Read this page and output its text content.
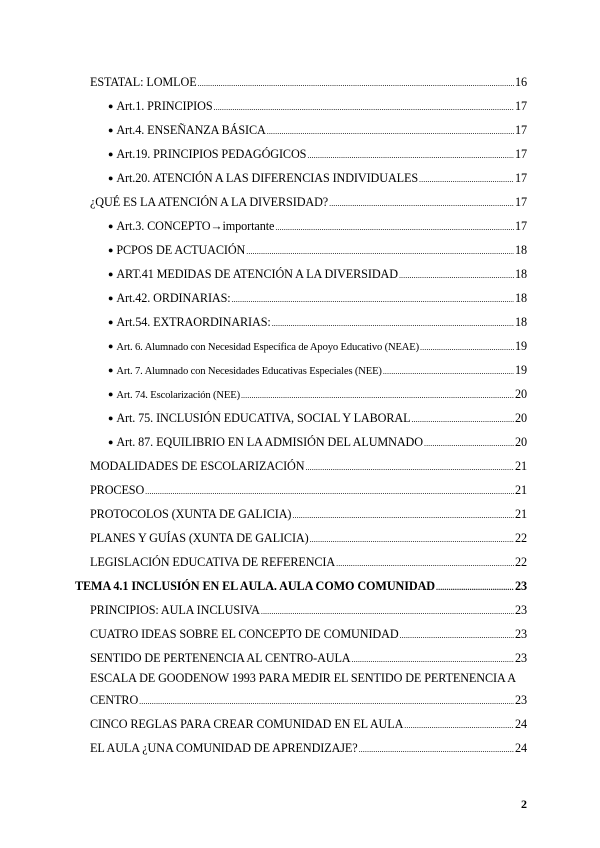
ESTATAL: LOMLOE .....	16
● Art.1. PRINCIPIOS .....	17
● Art.4. ENSEÑANZA BÁSICA .....	17
● Art.19. PRINCIPIOS PEDAGÓGICOS .....	17
● Art.20. ATENCIÓN A LAS DIFERENCIAS INDIVIDUALES .....	17
¿QUÉ ES LA ATENCIÓN A LA DIVERSIDAD? .....	17
● Art.3. CONCEPTO→importante .....	17
● PCPOS DE ACTUACIÓN .....	18
● ART.41 MEDIDAS DE ATENCIÓN A LA DIVERSIDAD .....	18
● Art.42. ORDINARIAS: .....	18
● Art.54. EXTRAORDINARIAS: .....	18
● Art. 6. Alumnado con Necesidad Específica de Apoyo Educativo (NEAE) .....	19
● Art. 7. Alumnado con Necesidades Educativas Especiales (NEE) .....	19
● Art. 74. Escolarización (NEE) .....	20
● Art. 75. INCLUSIÓN EDUCATIVA, SOCIAL Y LABORAL .....	20
● Art. 87. EQUILIBRIO EN LA ADMISIÓN DEL ALUMNADO .....	20
MODALIDADES DE ESCOLARIZACIÓN .....	21
PROCESO .....	21
PROTOCOLOS (XUNTA DE GALICIA) .....	21
PLANES Y GUÍAS (XUNTA DE GALICIA) .....	22
LEGISLACIÓN EDUCATIVA DE REFERENCIA .....	22
TEMA 4.1 INCLUSIÓN EN EL AULA. AULA COMO COMUNIDAD .....	23
PRINCIPIOS: AULA INCLUSIVA .....	23
CUATRO IDEAS SOBRE EL CONCEPTO DE COMUNIDAD .....	23
SENTIDO DE PERTENENCIA AL CENTRO-AULA .....	23
ESCALA DE GOODENOW 1993 PARA MEDIR EL SENTIDO DE PERTENENCIA A
CENTRO .....	23
CINCO REGLAS PARA CREAR COMUNIDAD EN EL AULA .....	24
EL AULA ¿UNA COMUNIDAD DE APRENDIZAJE? .....	24
2
